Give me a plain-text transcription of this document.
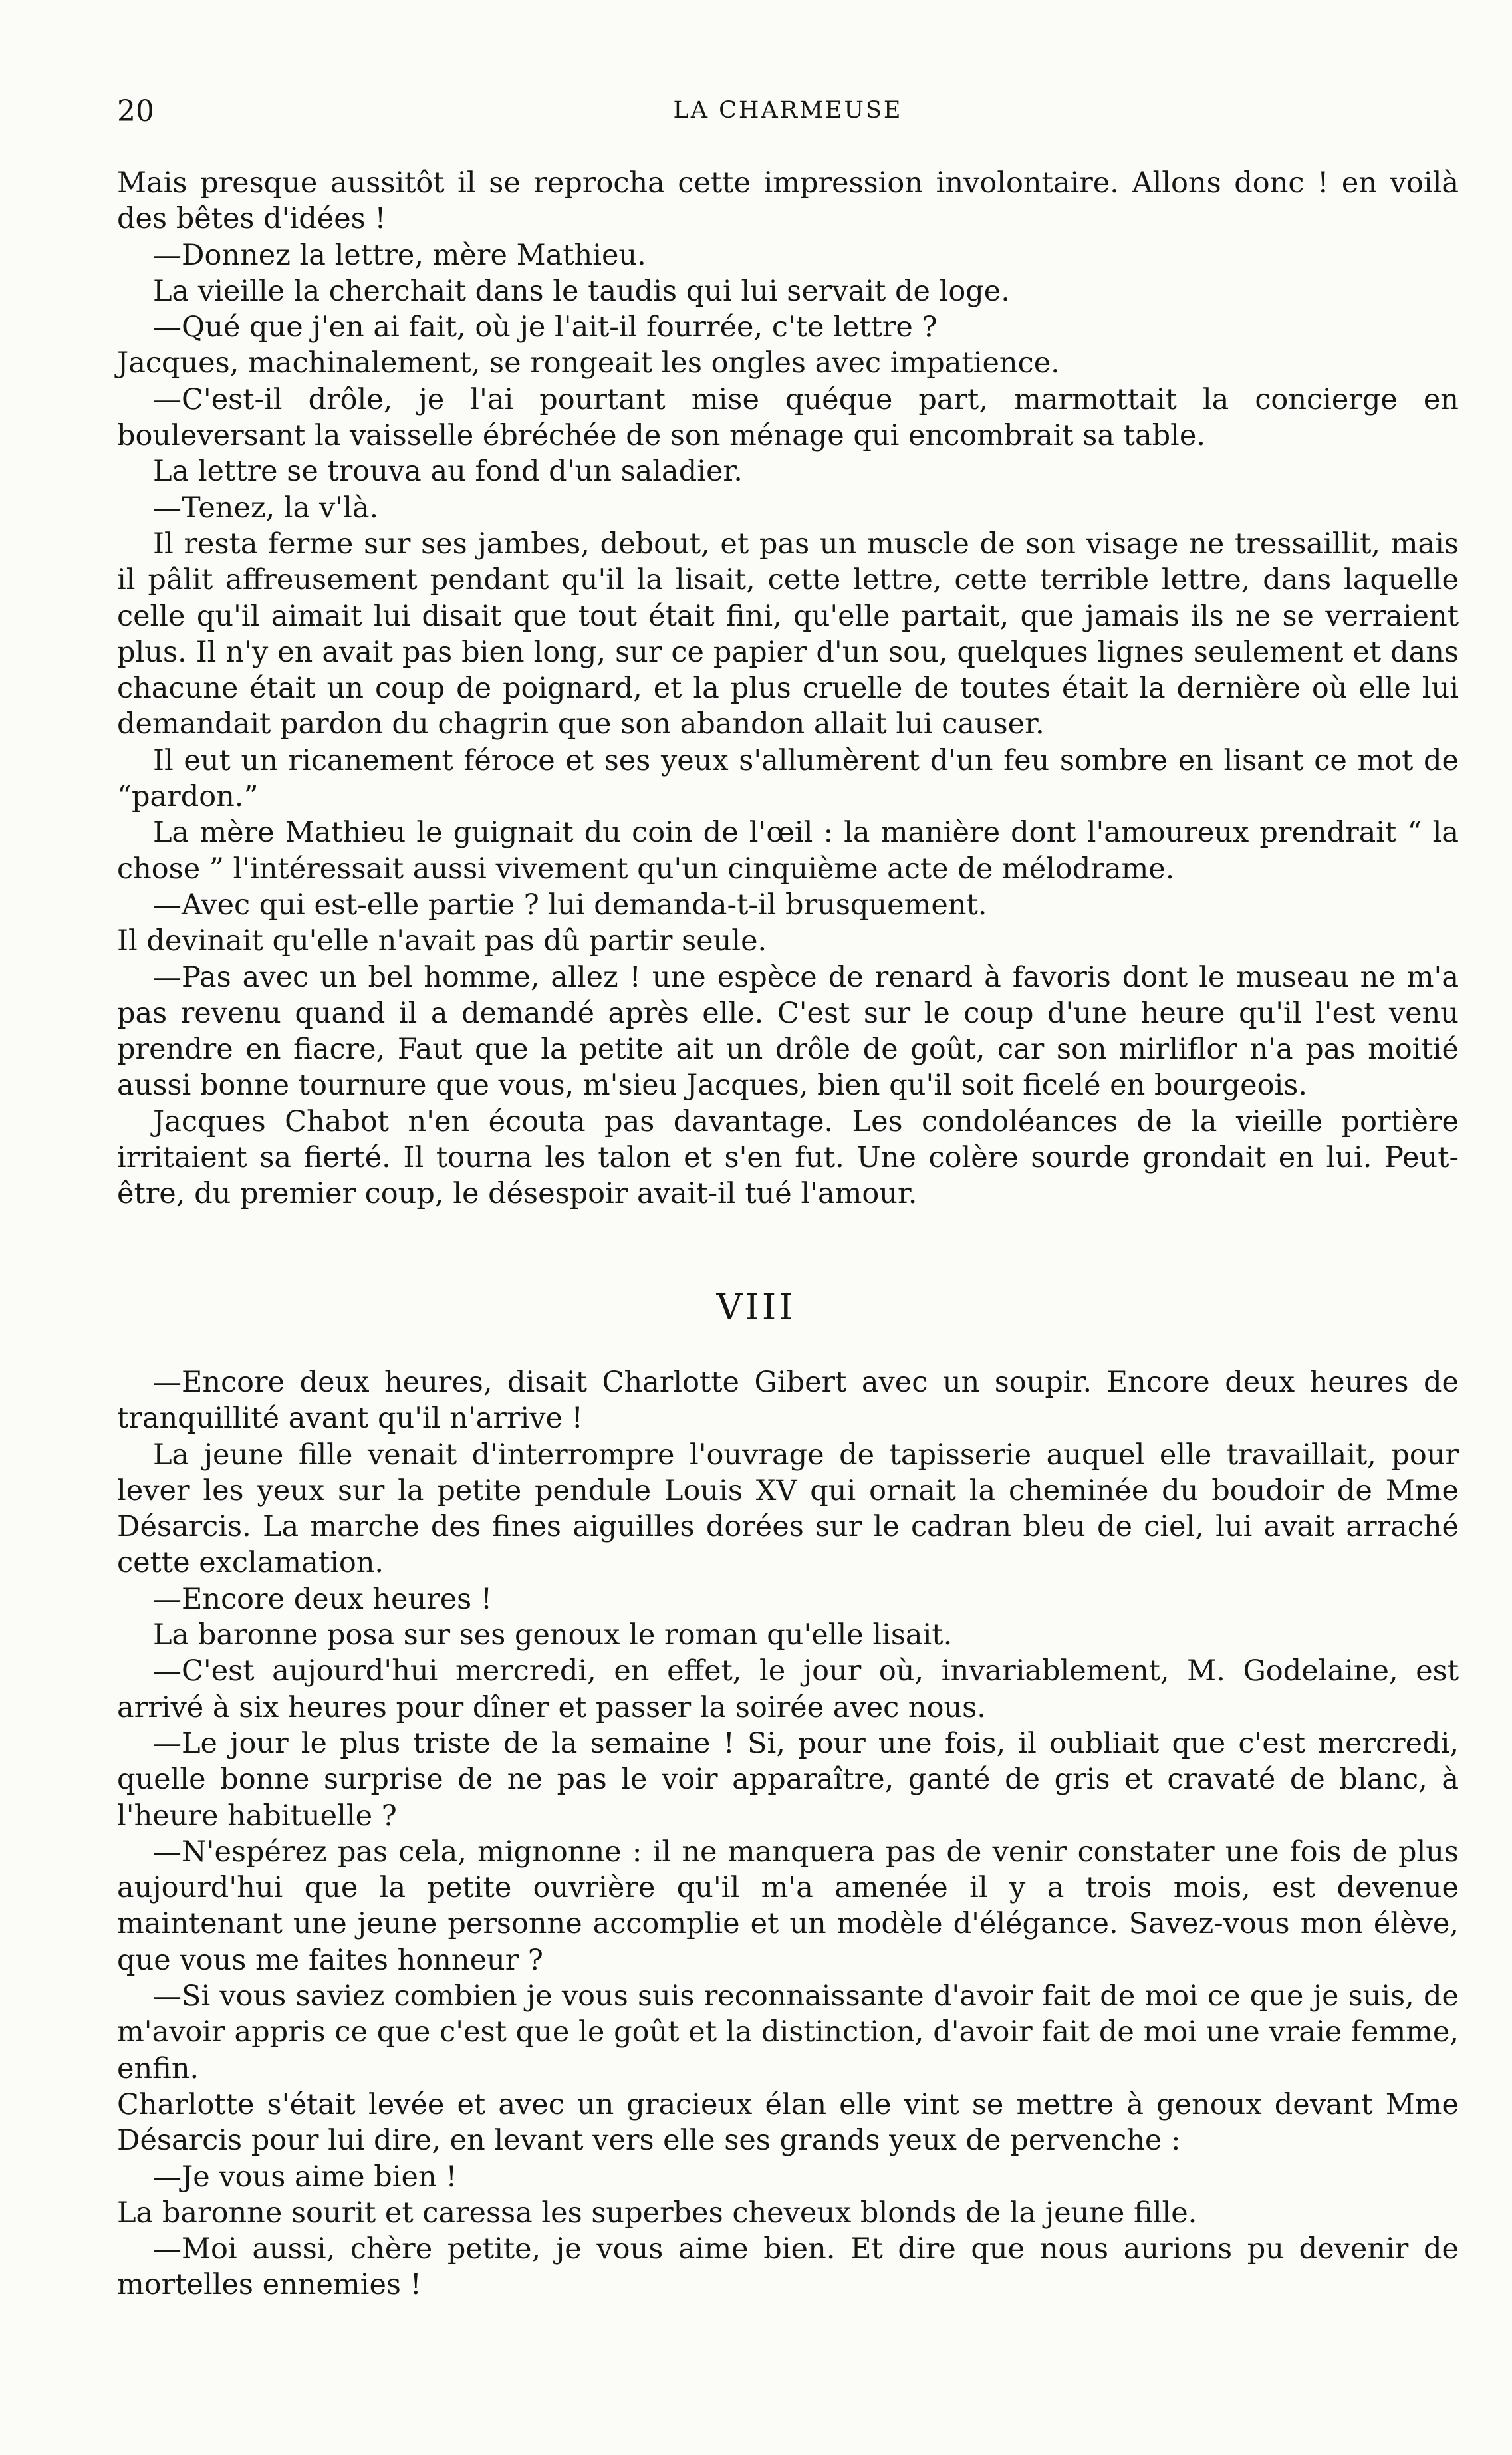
20	LA CHARMEUSE

Mais presque aussitôt il se reprocha cette impression involontaire. Allons donc ! en voilà des bêtes d'idées !

—Donnez la lettre, mère Mathieu.

La vieille la cherchait dans le taudis qui lui servait de loge.

—Qué que j'en ai fait, où je l'ait-il fourrée, c'te lettre ?

Jacques, machinalement, se rongeait les ongles avec impatience.

—C'est-il drôle, je l'ai pourtant mise quéque part, marmottait la concierge en bouleversant la vaisselle ébréchée de son ménage qui encombrait sa table.

La lettre se trouva au fond d'un saladier.

—Tenez, la v'là.

Il resta ferme sur ses jambes, debout, et pas un muscle de son visage ne tressaillit, mais il pâlit affreusement pendant qu'il la lisait, cette lettre, cette terrible lettre, dans laquelle celle qu'il aimait lui disait que tout était fini, qu'elle partait, que jamais ils ne se verraient plus. Il n'y en avait pas bien long, sur ce papier d'un sou, quelques lignes seulement et dans chacune était un coup de poignard, et la plus cruelle de toutes était la dernière où elle lui demandait pardon du chagrin que son abandon allait lui causer.

Il eut un ricanement féroce et ses yeux s'allumèrent d'un feu sombre en lisant ce mot de “pardon.”

La mère Mathieu le guignait du coin de l'œil : la manière dont l'amoureux prendrait “ la chose ” l'intéressait aussi vivement qu'un cinquième acte de mélodrame.

—Avec qui est-elle partie ? lui demanda-t-il brusquement.

Il devinait qu'elle n'avait pas dû partir seule.

—Pas avec un bel homme, allez ! une espèce de renard à favoris dont le museau ne m'a pas revenu quand il a demandé après elle. C'est sur le coup d'une heure qu'il l'est venu prendre en fiacre, Faut que la petite ait un drôle de goût, car son mirliflor n'a pas moitié aussi bonne tournure que vous, m'sieu Jacques, bien qu'il soit ficelé en bourgeois.

Jacques Chabot n'en écouta pas davantage. Les condoléances de la vieille portière irritaient sa fierté. Il tourna les talon et s'en fut. Une colère sourde grondait en lui. Peut-être, du premier coup, le désespoir avait-il tué l'amour.

VIII

—Encore deux heures, disait Charlotte Gibert avec un soupir. Encore deux heures de tranquillité avant qu'il n'arrive !

La jeune fille venait d'interrompre l'ouvrage de tapisserie auquel elle travaillait, pour lever les yeux sur la petite pendule Louis XV qui ornait la cheminée du boudoir de Mme Désarcis. La marche des fines aiguilles dorées sur le cadran bleu de ciel, lui avait arraché cette exclamation.

—Encore deux heures !

La baronne posa sur ses genoux le roman qu'elle lisait.

—C'est aujourd'hui mercredi, en effet, le jour où, invariablement, M. Godelaine, est arrivé à six heures pour dîner et passer la soirée avec nous.

—Le jour le plus triste de la semaine ! Si, pour une fois, il oubliait que c'est mercredi, quelle bonne surprise de ne pas le voir apparaître, ganté de gris et cravaté de blanc, à l'heure habituelle ?

—N'espérez pas cela, mignonne : il ne manquera pas de venir constater une fois de plus aujourd'hui que la petite ouvrière qu'il m'a amenée il y a trois mois, est devenue maintenant une jeune personne accomplie et un modèle d'élégance. Savez-vous mon élève, que vous me faites honneur ?

—Si vous saviez combien je vous suis reconnaissante d'avoir fait de moi ce que je suis, de m'avoir appris ce que c'est que le goût et la distinction, d'avoir fait de moi une vraie femme, enfin.

Charlotte s'était levée et avec un gracieux élan elle vint se mettre à genoux devant Mme Désarcis pour lui dire, en levant vers elle ses grands yeux de pervenche :

—Je vous aime bien !

La baronne sourit et caressa les superbes cheveux blonds de la jeune fille.

—Moi aussi, chère petite, je vous aime bien. Et dire que nous aurions pu devenir de mortelles ennemies !
